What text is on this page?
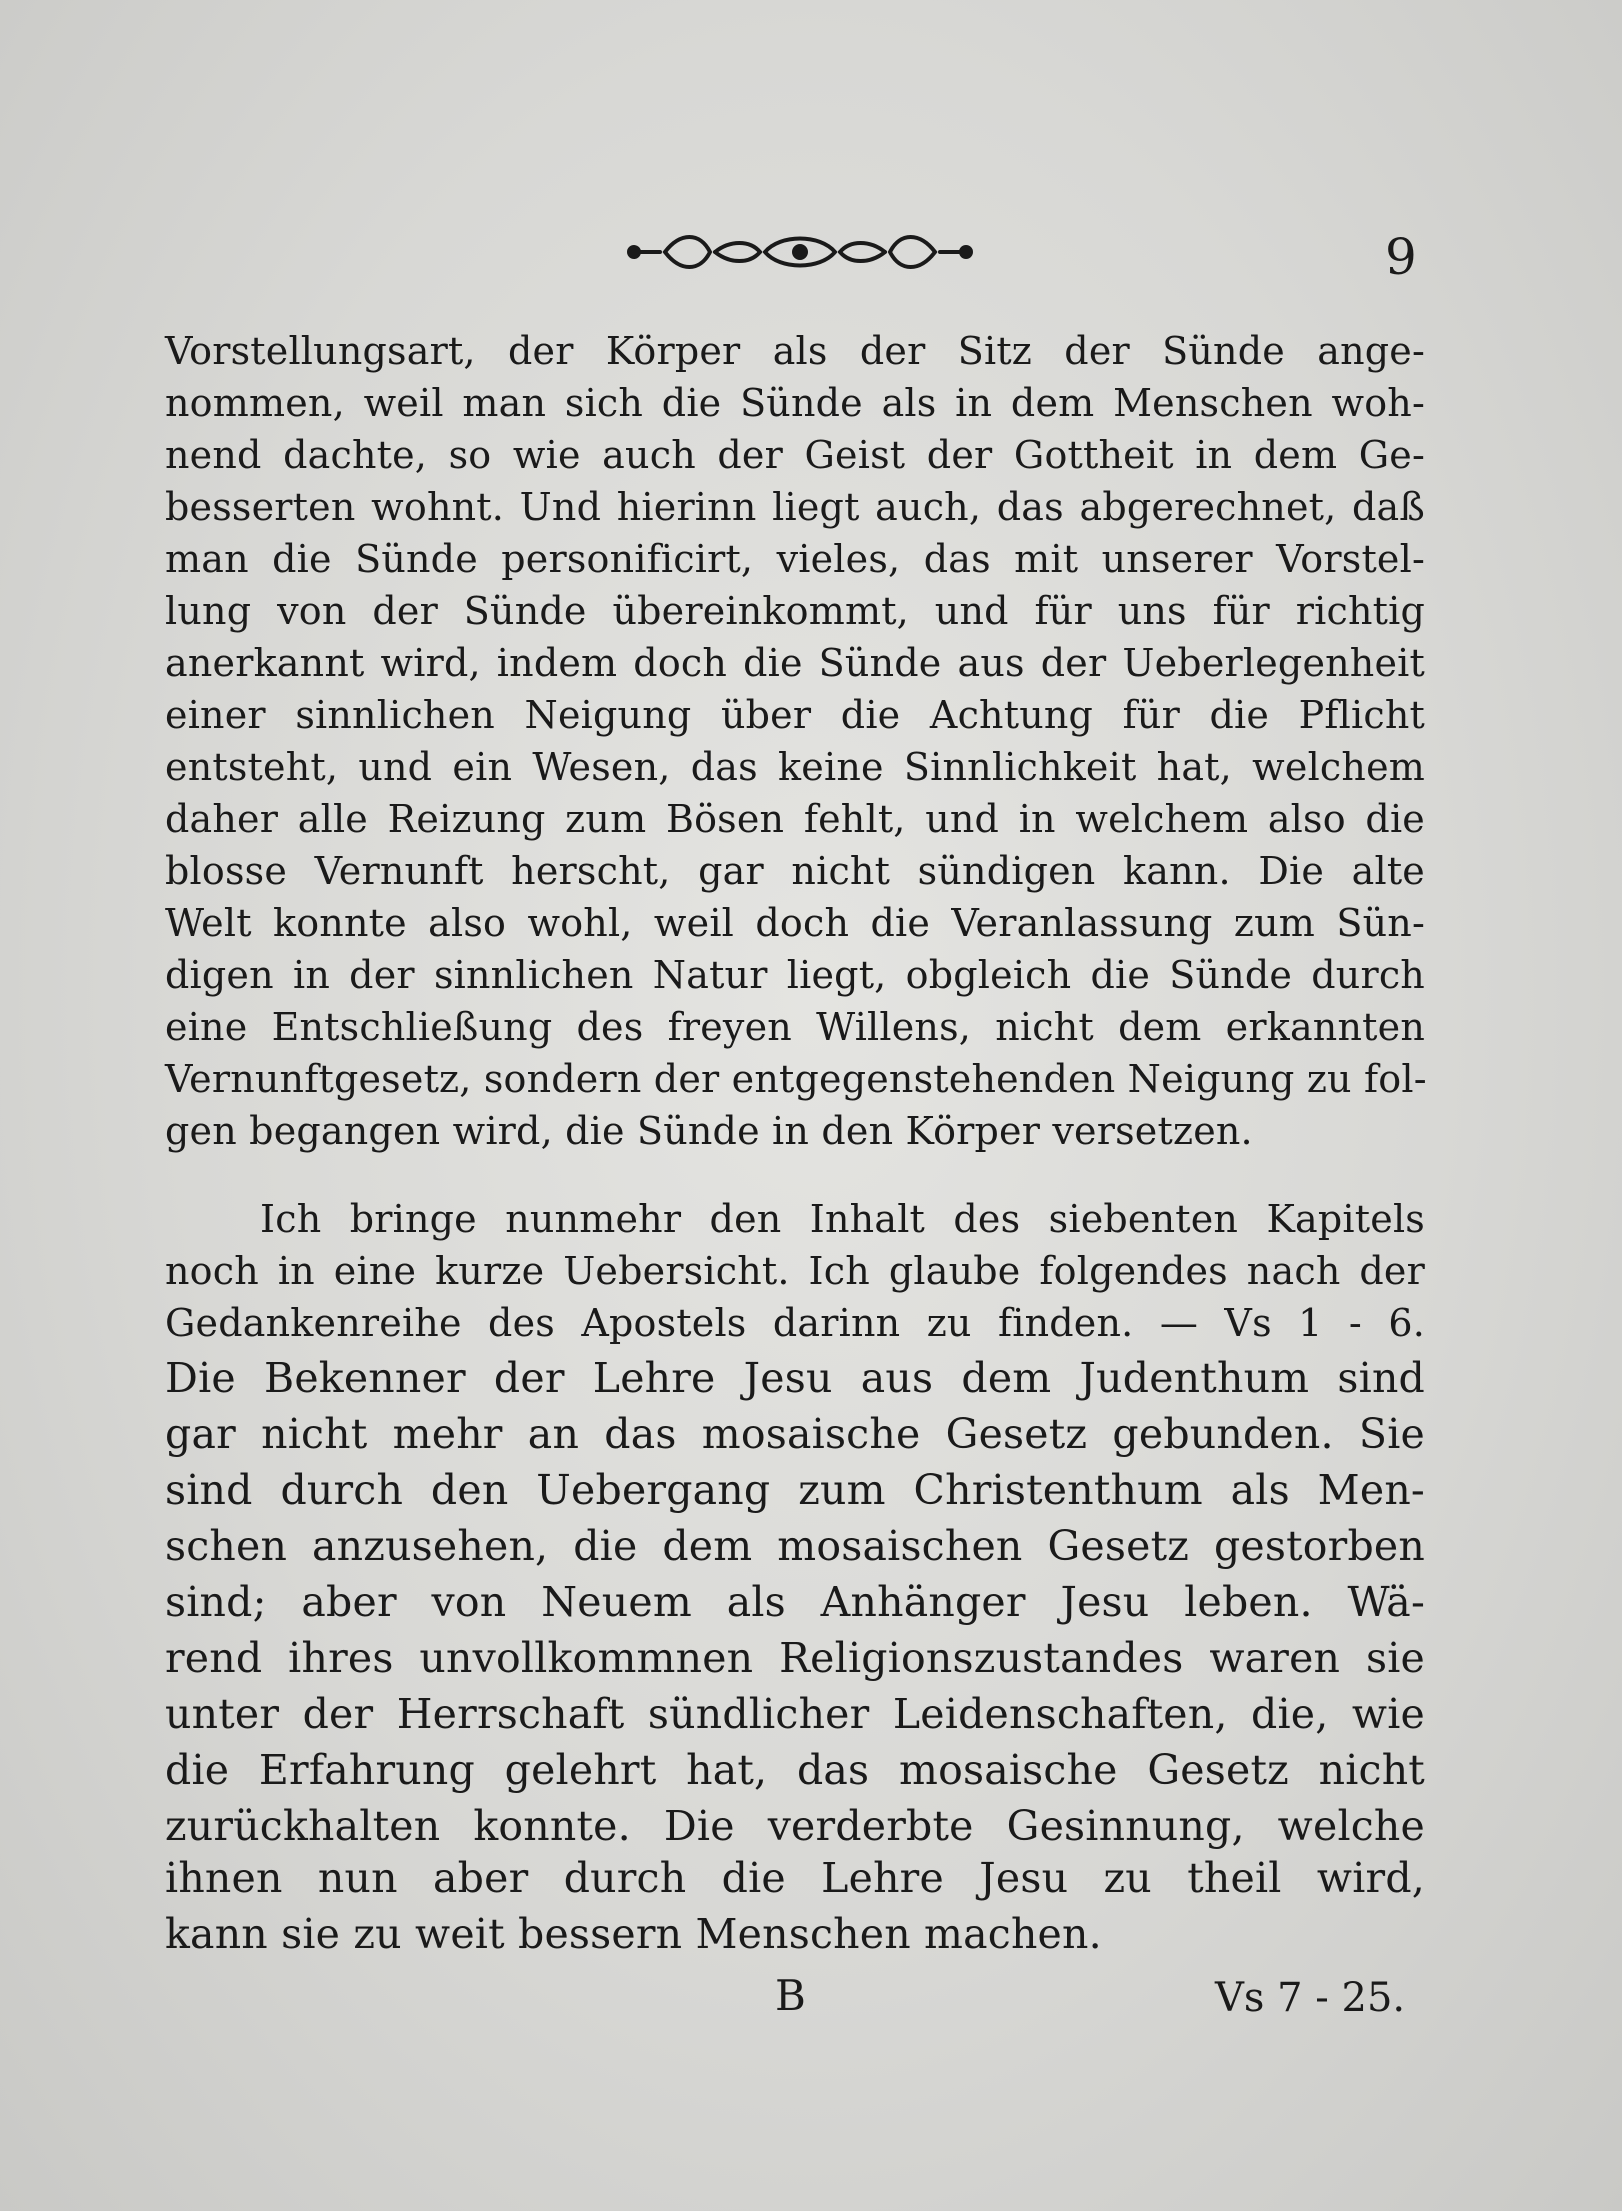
9
Vorstellungsart, der Körper als der Sitz der Sünde ange-
nommen, weil man sich die Sünde als in dem Menschen woh-
nend dachte, so wie auch der Geist der Gottheit in dem Ge-
besserten wohnt. Und hierinn liegt auch, das abgerechnet, daß
man die Sünde personificirt, vieles, das mit unserer Vorstel-
lung von der Sünde übereinkommt, und für uns für richtig
anerkannt wird, indem doch die Sünde aus der Ueberlegenheit
einer sinnlichen Neigung über die Achtung für die Pflicht
entsteht, und ein Wesen, das keine Sinnlichkeit hat, welchem
daher alle Reizung zum Bösen fehlt, und in welchem also die
blosse Vernunft herscht, gar nicht sündigen kann. Die alte
Welt konnte also wohl, weil doch die Veranlassung zum Sün-
digen in der sinnlichen Natur liegt, obgleich die Sünde durch
eine Entschließung des freyen Willens, nicht dem erkannten
Vernunftgesetz, sondern der entgegenstehenden Neigung zu fol-
gen begangen wird, die Sünde in den Körper versetzen.
Ich bringe nunmehr den Inhalt des siebenten Kapitels
noch in eine kurze Uebersicht. Ich glaube folgendes nach der
Gedankenreihe des Apostels darinn zu finden. — Vs 1 - 6.
Die Bekenner der Lehre Jesu aus dem Judenthum sind
gar nicht mehr an das mosaische Gesetz gebunden. Sie
sind durch den Uebergang zum Christenthum als Men-
schen anzusehen, die dem mosaischen Gesetz gestorben
sind; aber von Neuem als Anhänger Jesu leben. Wä-
rend ihres unvollkommnen Religionszustandes waren sie
unter der Herrschaft sündlicher Leidenschaften, die, wie
die Erfahrung gelehrt hat, das mosaische Gesetz nicht
zurückhalten konnte. Die verderbte Gesinnung, welche
ihnen nun aber durch die Lehre Jesu zu theil wird,
kann sie zu weit bessern Menschen machen.
B	Vs 7 - 25.
